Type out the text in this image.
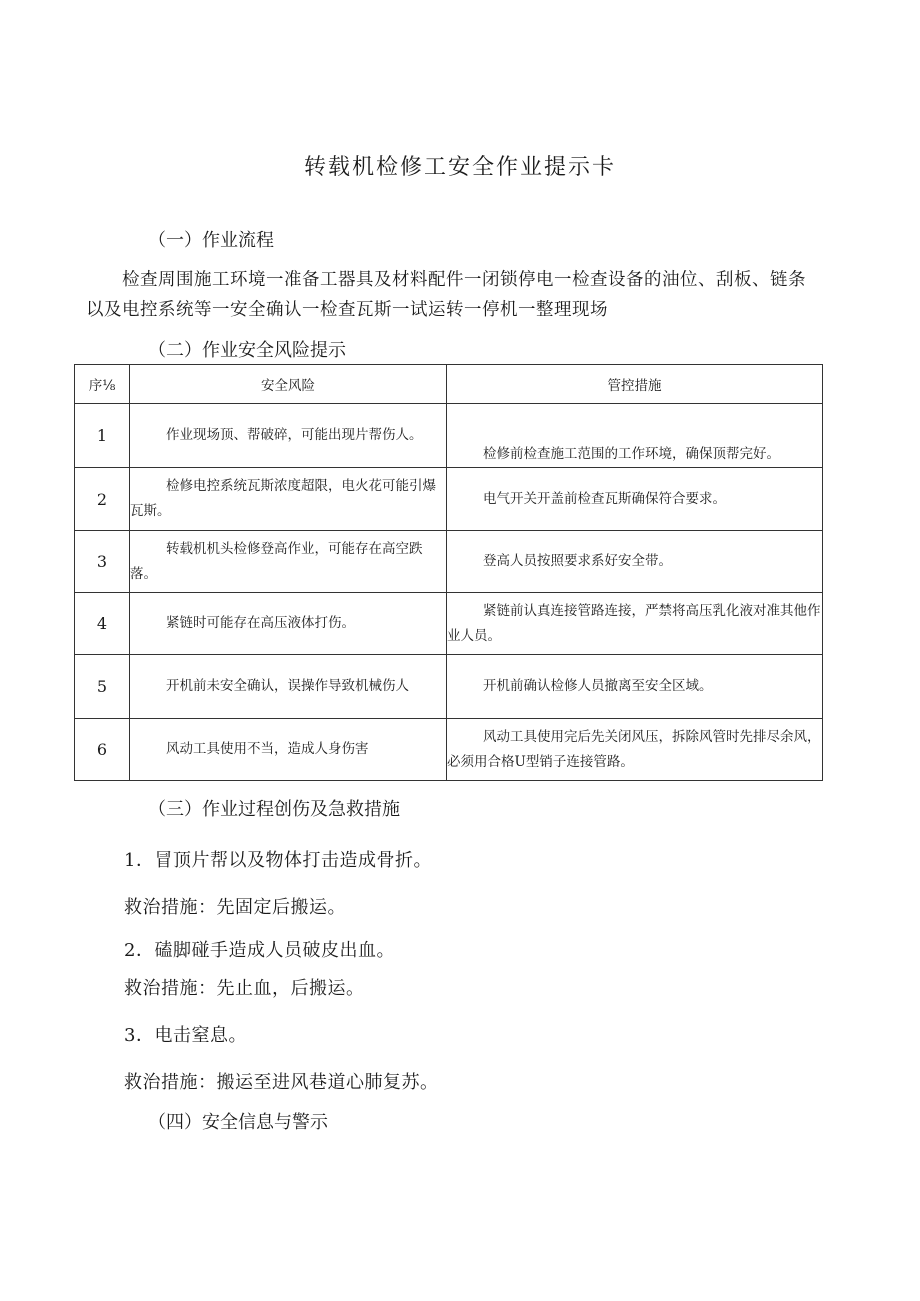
转载机检修工安全作业提示卡
（一）作业流程
检查周围施工环境一准备工器具及材料配件一闭锁停电一检查设备的油位、刮板、链条以及电控系统等一安全确认一检查瓦斯一试运转一停机一整理现场
（二）作业安全风险提示
序⅛	安全风险	管控措施
1	作业现场顶、帮破碎，可能出现片帮伤人。	检修前检查施工范围的工作环境，确保顶帮完好。
2	检修电控系统瓦斯浓度超限，电火花可能引爆瓦斯。	电气开关开盖前检查瓦斯确保符合要求。
3	转载机机头检修登高作业，可能存在高空跌落。	登高人员按照要求系好安全带。
4	紧链时可能存在高压液体打伤。	紧链前认真连接管路连接，严禁将高压乳化液对准其他作业人员。
5	开机前未安全确认，误操作导致机械伤人	开机前确认检修人员撤离至安全区域。
6	风动工具使用不当，造成人身伤害	风动工具使用完后先关闭风压，拆除风管时先排尽余风，必须用合格U型销子连接管路。
（三）作业过程创伤及急救措施
1．冒顶片帮以及物体打击造成骨折。
救治措施：先固定后搬运。
2．磕脚碰手造成人员破皮出血。
救治措施：先止血，后搬运。
3．电击窒息。
救治措施：搬运至进风巷道心肺复苏。
（四）安全信息与警示
